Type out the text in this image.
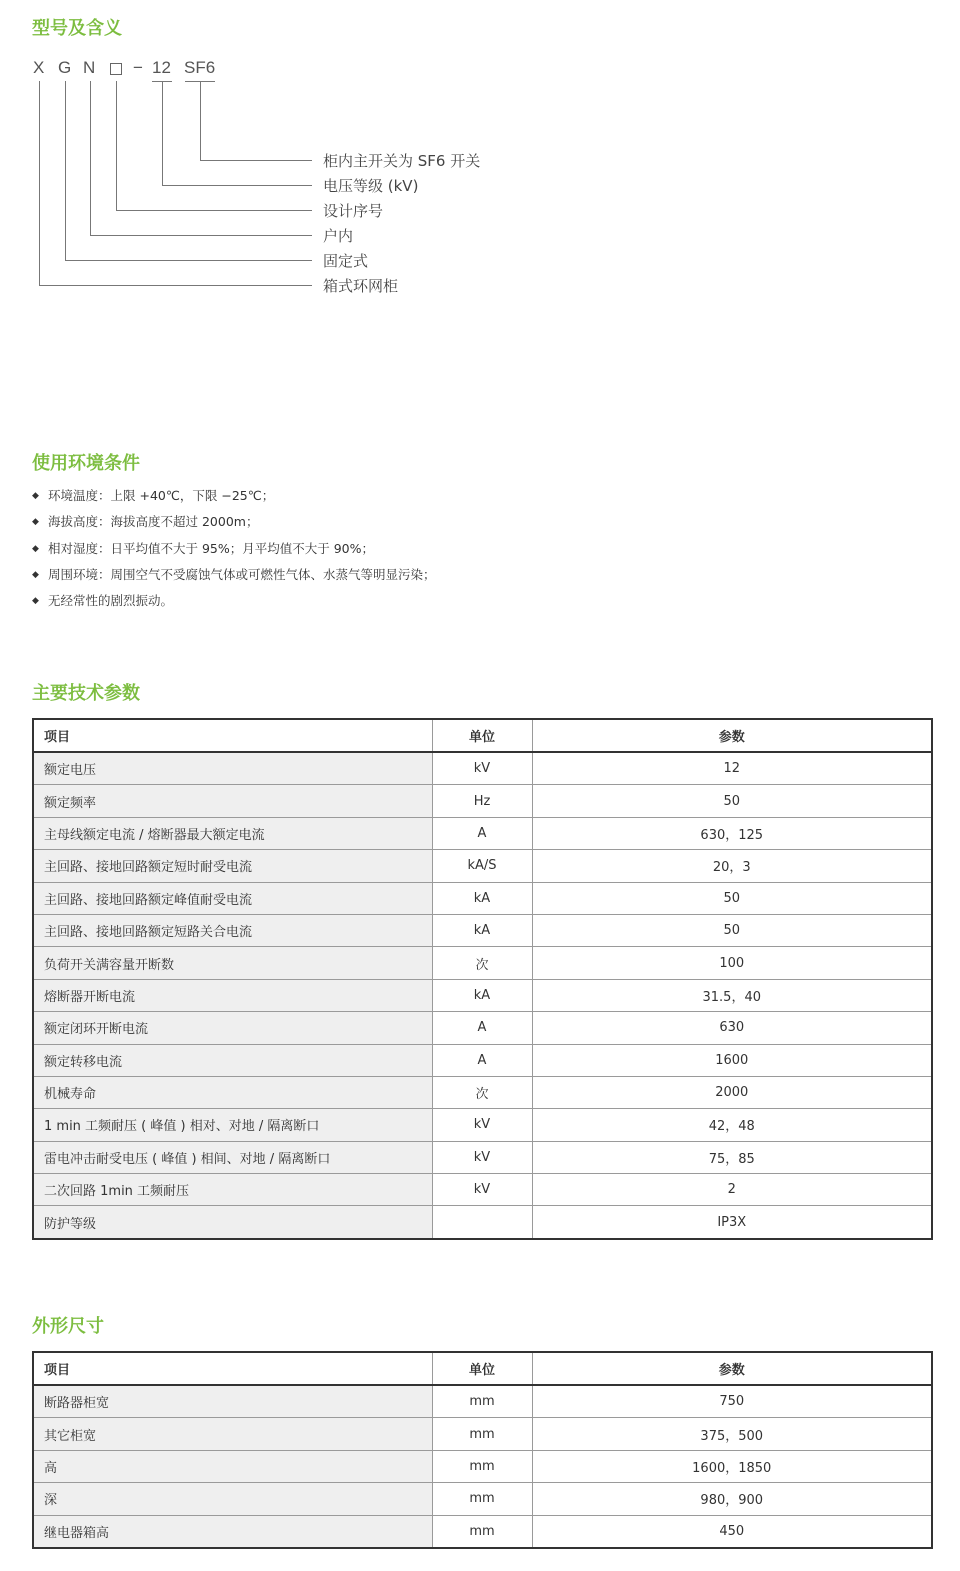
型号及含义
X G N − 12 SF6
柜内主开关为 SF6 开关
电压等级 (kV)
设计序号
户内
固定式
箱式环网柜
使用环境条件
◆ 环境温度：上限 +40℃，下限 −25℃；
◆ 海拔高度：海拔高度不超过 2000m；
◆ 相对湿度：日平均值不大于 95%；月平均值不大于 90%；
◆ 周围环境：周围空气不受腐蚀气体或可燃性气体、水蒸气等明显污染；
◆ 无经常性的剧烈振动。
主要技术参数
项目	单位	参数
额定电压	kV	12
额定频率	Hz	50
主母线额定电流 / 熔断器最大额定电流	A	630，125
主回路、接地回路额定短时耐受电流	kA/S	20，3
主回路、接地回路额定峰值耐受电流	kA	50
主回路、接地回路额定短路关合电流	kA	50
负荷开关满容量开断数	次	100
熔断器开断电流	kA	31.5，40
额定闭环开断电流	A	630
额定转移电流	A	1600
机械寿命	次	2000
1 min 工频耐压 ( 峰值 ) 相对、对地 / 隔离断口	kV	42，48
雷电冲击耐受电压 ( 峰值 ) 相间、对地 / 隔离断口	kV	75，85
二次回路 1min 工频耐压	kV	2
防护等级		IP3X
外形尺寸
项目	单位	参数
断路器柜宽	mm	750
其它柜宽	mm	375，500
高	mm	1600，1850
深	mm	980，900
继电器箱高	mm	450
